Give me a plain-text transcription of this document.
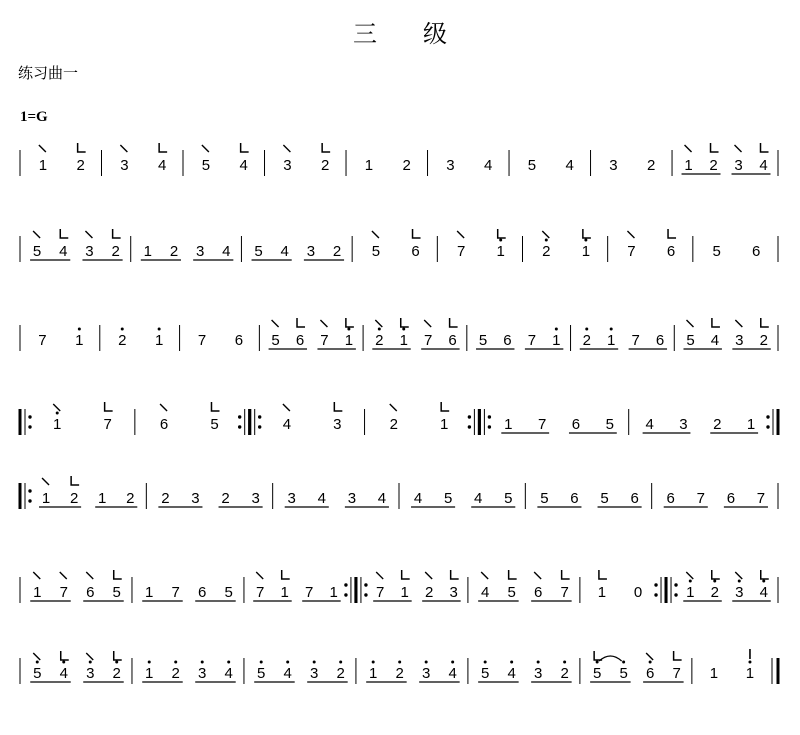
三级
练习曲一
1=G
1 2 3 4 5 4 3 2 1 2 3 4 5 4 3 2 1 2 3 4
5 4 3 2 1 2 3 4 5 4 3 2 5 6 7 1 2 1 7 6 5 6
7 1 2 1 7 6 5 6 7 1 2 1 7 6 5 6 7 1 2 1 7 6 5 4 3 2
1	7	6	5	4	3	2	1	1 7 6 5 4 3 2 1
1 2 1 2 2 3 2 3 3 4 3 4 4 5 4 5 5 6 5 6 6 7 6 7
1 7 6 5 1 7 6 5 7 1 7 1	7 1 2 3 4 5 6 7 1 0	1 2 3 4
5 4 3 2 1 2 3 4 5 4 3 2 1 2 3 4 5 4 3 2 5 5 6 7 1 1
